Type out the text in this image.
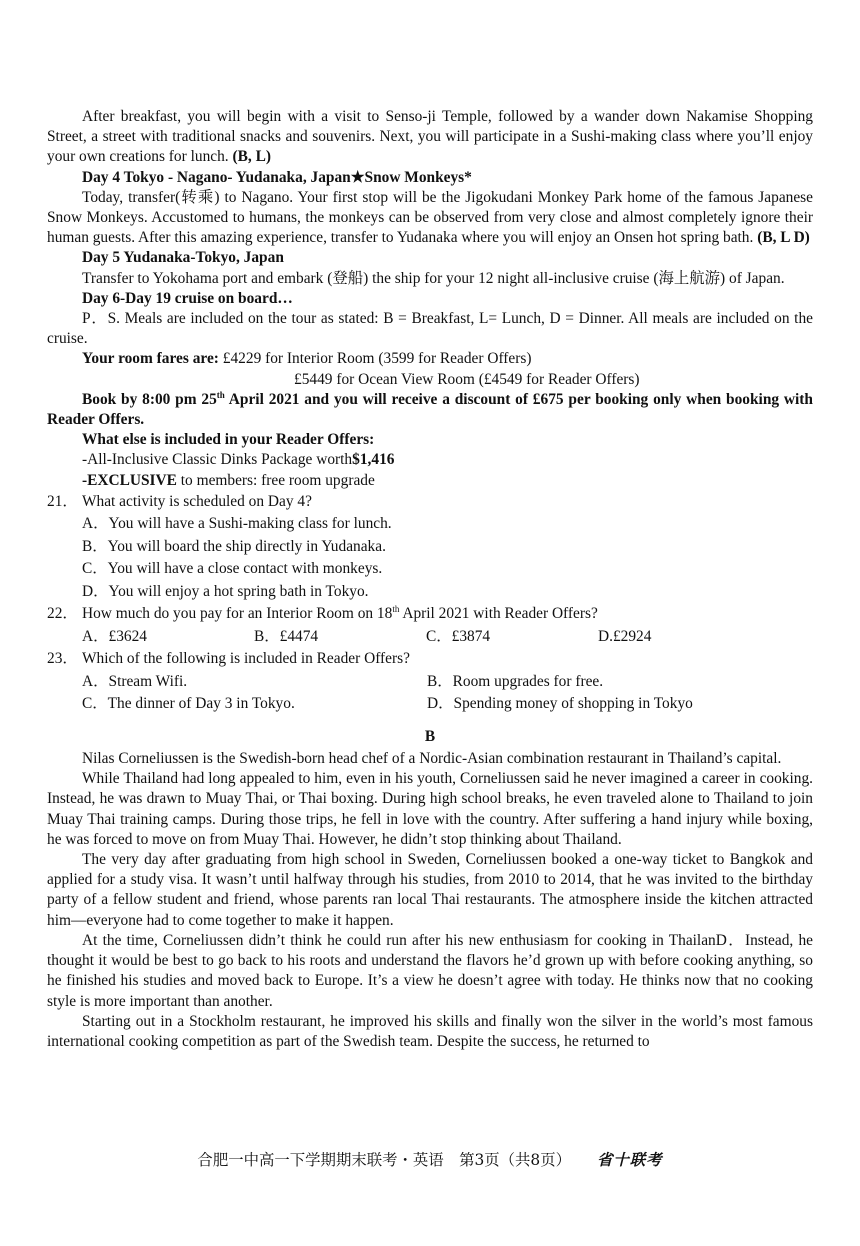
After breakfast, you will begin with a visit to Senso-ji Temple, followed by a wander down Nakamise Shopping Street, a street with traditional snacks and souvenirs. Next, you will participate in a Sushi-making class where you’ll enjoy your own creations for lunch. (B, L)

Day 4 Tokyo - Nagano- Yudanaka, Japan★Snow Monkeys*

Today, transfer(转乘) to Nagano. Your first stop will be the Jigokudani Monkey Park home of the famous Japanese Snow Monkeys. Accustomed to humans, the monkeys can be observed from very close and almost completely ignore their human guests. After this amazing experience, transfer to Yudanaka where you will enjoy an Onsen hot spring bath. (B, L D)

Day 5 Yudanaka-Tokyo, Japan

Transfer to Yokohama port and embark (登船) the ship for your 12 night all-inclusive cruise (海上航游) of Japan.

Day 6-Day 19 cruise on board…

P．S. Meals are included on the tour as stated: B = Breakfast, L= Lunch, D = Dinner. All meals are included on the cruise.

Your room fares are: £4229 for Interior Room (3599 for Reader Offers)

£5449 for Ocean View Room (£4549 for Reader Offers)

Book by 8:00 pm 25th April 2021 and you will receive a discount of £675 per booking only when booking with Reader Offers.

What else is included in your Reader Offers:

-All-Inclusive Classic Dinks Package worth$1,416

-EXCLUSIVE to members: free room upgrade

21． What activity is scheduled on Day 4?

A．You will have a Sushi-making class for lunch.

B．You will board the ship directly in Yudanaka.

C．You will have a close contact with monkeys.

D．You will enjoy a hot spring bath in Tokyo.

22． How much do you pay for an Interior Room on 18th April 2021 with Reader Offers?

A．£3624	B．£4474	C．£3874	D.£2924

23． Which of the following is included in Reader Offers?

A．Stream Wifi.	B．Room upgrades for free.
C．The dinner of Day 3 in Tokyo.	D．Spending money of shopping in Tokyo

B

Nilas Corneliussen is the Swedish-born head chef of a Nordic-Asian combination restaurant in Thailand’s capital.

While Thailand had long appealed to him, even in his youth, Corneliussen said he never imagined a career in cooking. Instead, he was drawn to Muay Thai, or Thai boxing. During high school breaks, he even traveled alone to Thailand to join Muay Thai training camps. During those trips, he fell in love with the country. After suffering a hand injury while boxing, he was forced to move on from Muay Thai. However, he didn’t stop thinking about Thailand.

The very day after graduating from high school in Sweden, Corneliussen booked a one-way ticket to Bangkok and applied for a study visa. It wasn’t until halfway through his studies, from 2010 to 2014, that he was invited to the birthday party of a fellow student and friend, whose parents ran local Thai restaurants. The atmosphere inside the kitchen attracted him—everyone had to come together to make it happen.

At the time, Corneliussen didn’t think he could run after his new enthusiasm for cooking in ThailanD．Instead, he thought it would be best to go back to his roots and understand the flavors he’d grown up with before cooking anything, so he finished his studies and moved back to Europe. It’s a view he doesn’t agree with today. He thinks now that no cooking style is more important than another.

Starting out in a Stockholm restaurant, he improved his skills and finally won the silver in the world’s most famous international cooking competition as part of the Swedish team. Despite the success, he returned to

合肥一中高一下学期期末联考・英语　第3页（共8页） 省十联考
